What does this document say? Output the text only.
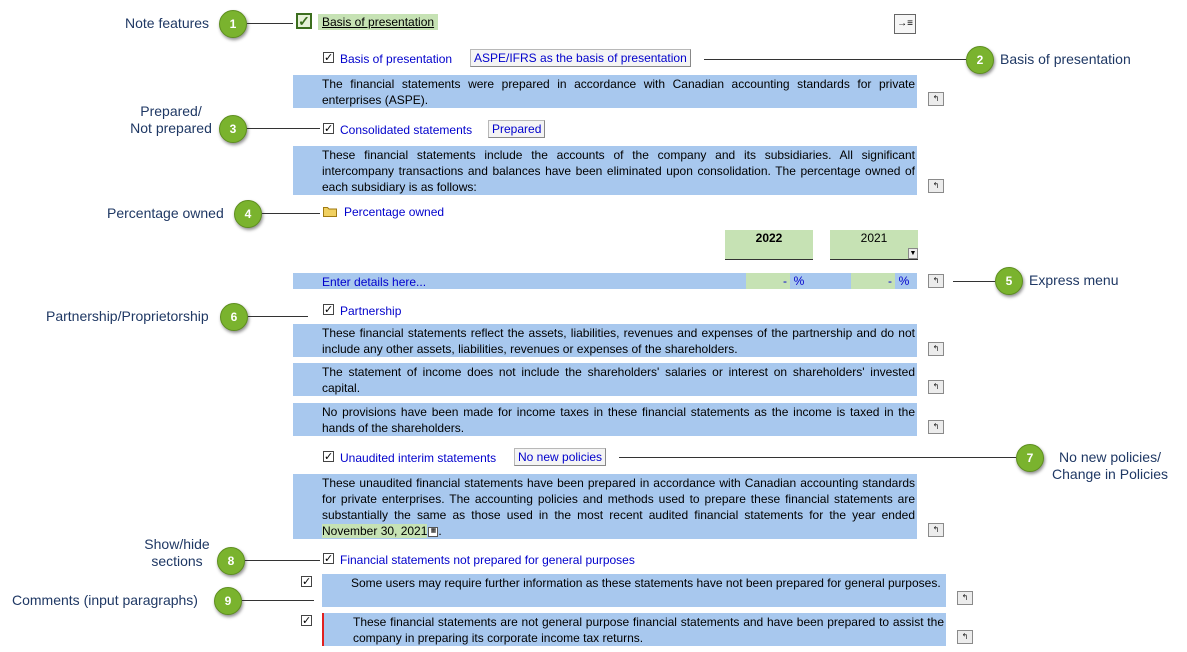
Note features	1
Basis of presentation
2
Prepared/
Not prepared	3
Percentage owned	4
Express menu
5
Partnership/Proprietorship	6
No new policies/
Change in Policies
7
Show/hide
sections	8
Comments (input paragraphs)	9
✓	Basis of presentation	→≡
✓ Basis of presentation	ASPE/IFRS as the basis of presentation
The financial statements were prepared in accordance with Canadian accounting standards for private enterprises (ASPE).	↰
✓ Consolidated statements	Prepared
These financial statements include the accounts of the company and its subsidiaries. All significant intercompany transactions and balances have been eliminated upon consolidation. The percentage owned of each subsidiary is as follows:	↰
Percentage owned
2022	2021
▼
Enter details here...	- %	- %	↰
✓ Partnership
These financial statements reflect the assets, liabilities, revenues and expenses of the partnership and do not include any other assets, liabilities, revenues or expenses of the shareholders.	↰
The statement of income does not include the shareholders' salaries or interest on shareholders' invested capital.	↰
No provisions have been made for income taxes in these financial statements as the income is taxed in the hands of the shareholders.	↰
✓ Unaudited interim statements	No new policies
These unaudited financial statements have been prepared in accordance with Canadian accounting standards for private enterprises. The accounting policies and methods used to prepare these financial statements are substantially the same as those used in the most recent audited financial statements for the year ended November 30, 2021 ▦ .	↰
✓ Financial statements not prepared for general purposes
✓	Some users may require further information as these statements have not been prepared for general purposes.
↰
✓	These financial statements are not general purpose financial statements and have been prepared to assist the company in preparing its corporate income tax returns.	↰
